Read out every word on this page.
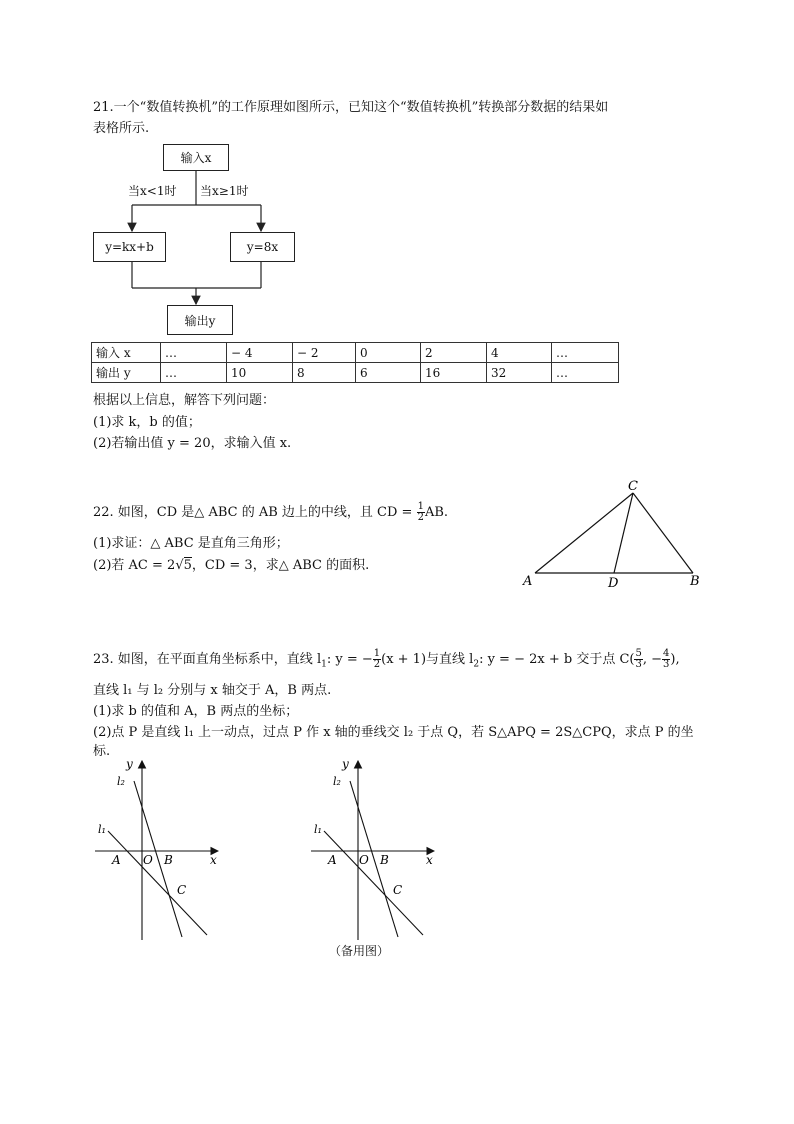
21.一个“数值转换机”的工作原理如图所示，已知这个“数值转换机”转换部分数据的结果如
表格所示.
输入x
当x<1时 当x≥1时
y=kx+b	y=8x
输出y
输入 x	…	− 4	− 2	0	2	4	…
输出 y	…	10	8	6	16	32	…
根据以上信息，解答下列问题：
(1)求 k，b 的值；
(2)若输出值 y = 20，求输入值 x.
22. 如图，CD 是△ ABC 的 AB 边上的中线，且 CD = $\frac{1}{2}$ AB.
(1)求证：△ ABC 是直角三角形；
(2)若 AC = 2√5，CD = 3，求△ ABC 的面积.
C
A	D	B
23. 如图，在平面直角坐标系中，直线 $l_1$: y = − $\frac{1}{2} (x + 1)$与直线 $l_2$: y = − 2x + b 交于点 $C( \frac{5}{3}$ , − $\frac{4}{3}$ ),
直线 l₁ 与 l₂ 分别与 x 轴交于 A，B 两点.
(1)求 b 的值和 A，B 两点的坐标；
(2)点 P 是直线 l₁ 上一动点，过点 P 作 x 轴的垂线交 l₂ 于点 Q，若 S△APQ = 2S△CPQ，求点 P 的坐
标.
y
l₂
l₁
A O B	x
C
y
l₂
l₁
A O B	x
C
（备用图）
